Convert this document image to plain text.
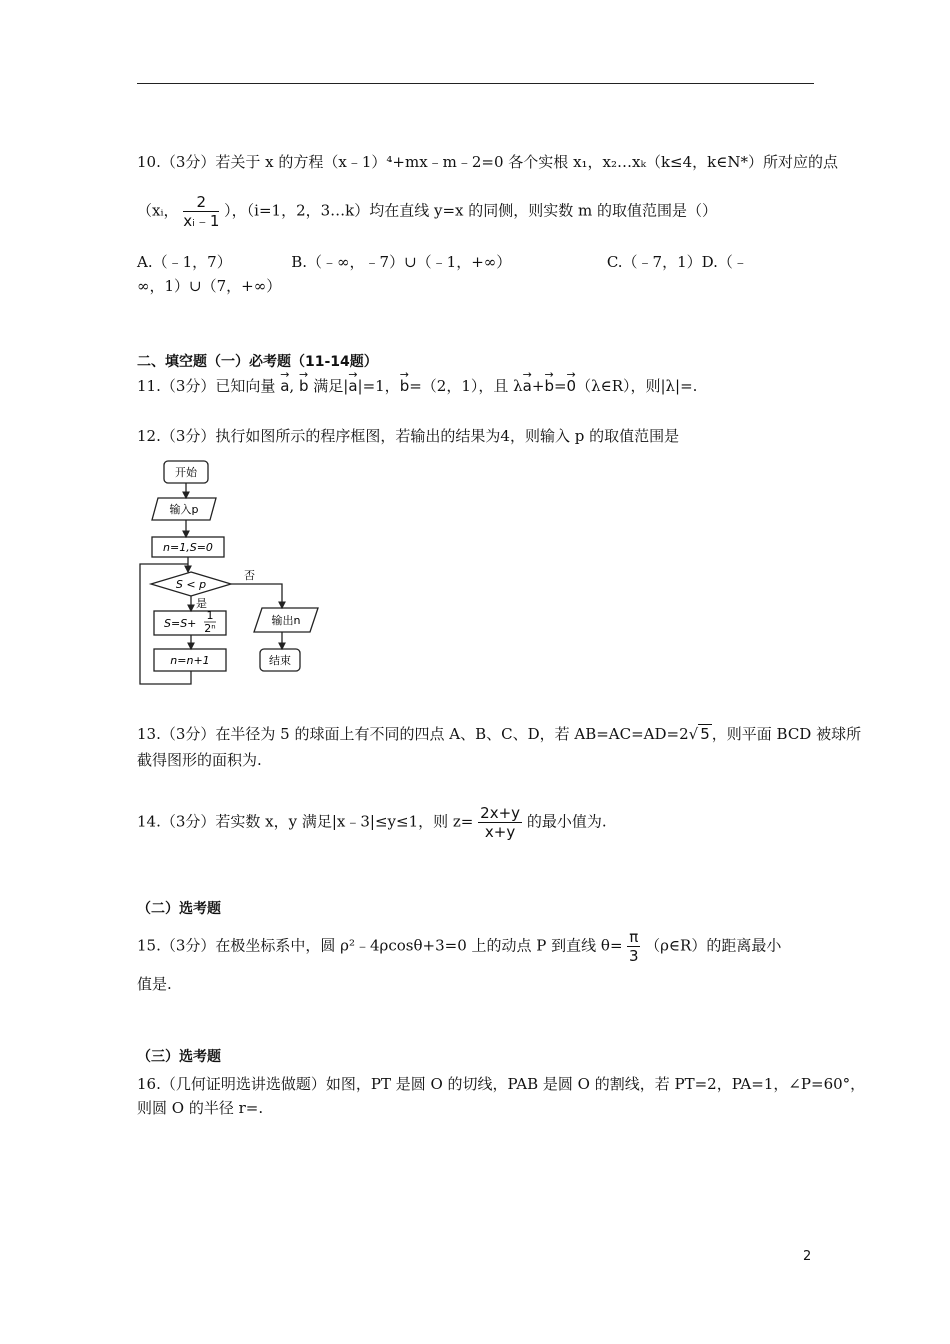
10.（3分）若关于 x 的方程（x﹣1）⁴+mx﹣m﹣2=0 各个实根 x₁，x₂…xₖ（k≤4，k∈N*）所对应的点
（xᵢ， $\frac{2}{\text{xᵢ﹣1}}$ ），（i=1，2，3…k）均在直线 y=x 的同侧，则实数 m 的取值范围是（）
A.（﹣1，7）	B.（﹣∞，﹣7）∪（﹣1，+∞）	C.（﹣7，1）D.（﹣
∞，1）∪（7，+∞）
二、填空题（一）必考题（11-14题）
11.（3分）已知向量 → a, → b 满足|→ a|=1，→ b=（2，1），且 λ→ a+→ b=→ 0（λ∈R），则|λ|=.
12.（3分）执行如图所示的程序框图，若输出的结果为4，则输入 p 的取值范围是
开始
输入p
n=1,S=0
S < p
否
是
S=S+
1
2ⁿ
n=n+1
输出n
结束
13.（3分）在半径为 5 的球面上有不同的四点 A、B、C、D，若 AB=AC=AD=2√ 5 ，则平面 BCD 被球所
截得图形的面积为.
14.（3分）若实数 x，y 满足|x﹣3|≤y≤1，则 $z= \frac{2x+y}{x+y}$ 的最小值为.
（二）选考题
15.（3分）在极坐标系中，圆 ρ²﹣4ρcosθ+3=0 上的动点 P 到直线 $\theta= \frac{\pi}{3}$ （ρ∈R）的距离最小
值是.
（三）选考题
16.（几何证明选讲选做题）如图，PT 是圆 O 的切线，PAB 是圆 O 的割线，若 PT=2，PA=1，∠P=60°，
则圆 O 的半径 r=.
2
